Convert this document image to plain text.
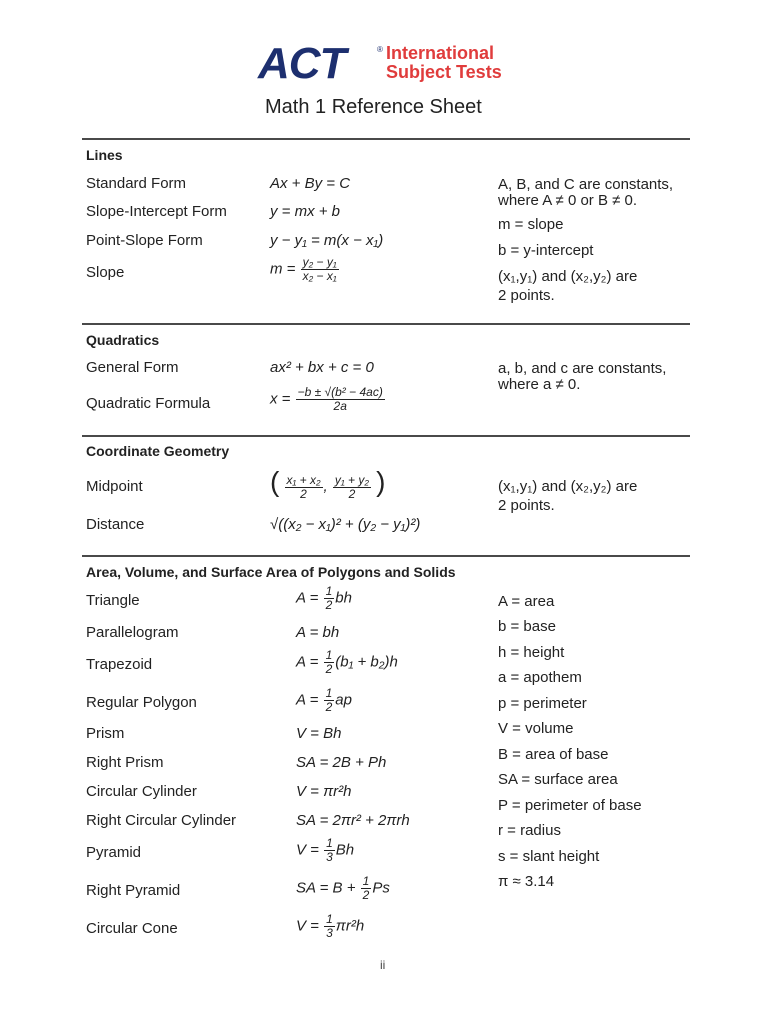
ACT	® International
Subject Tests
Math 1 Reference Sheet
Lines
Standard Form	Ax + By = C
Slope-Intercept Form	y = mx + b
Point-Slope Form	y − y₁ = m(x − x₁)
Slope	$m = \frac{\text{y₂ − y₁}}{\text{x₂ − x₁}}$
A, B, and C are constants,
where A ≠ 0 or B ≠ 0.
m = slope
b = y-intercept
(x₁,y₁) and (x₂,y₂) are
2 points.
Quadratics
General Form	ax² + bx + c = 0
Quadratic Formula	$x = \frac{\text{−b ± √(b² − 4ac)}}{2a}$
a, b, and c are constants,
where a ≠ 0.
Coordinate Geometry
Midpoint	( $\frac{\text{x₁ + x₂}}{2}$ , $\frac{\text{y₁ + y₂}}{2}$ )
Distance	√((x₂ − x₁)² + (y₂ − y₁)²)
(x₁,y₁) and (x₂,y₂) are
2 points.
Area, Volume, and Surface Area of Polygons and Solids
Triangle	$A = \frac{1}{2}$ bh
Parallelogram	A = bh
Trapezoid	$A = \frac{1}{2} (b_1 + b_2)h$
Regular Polygon	$A = \frac{1}{2}$ ap
Prism	V = Bh
Right Prism	SA = 2B + Ph
Circular Cylinder	V = πr²h
Right Circular Cylinder	SA = 2πr² + 2πrh
Pyramid	$V = \frac{1}{3}$ Bh
Right Pyramid	SA = $B + \frac{1}{2}$ Ps
Circular Cone	$V = \frac{1}{3} \pi r^2h$
A = area
b = base
h = height
a = apothem
p = perimeter
V = volume
B = area of base
SA = surface area
P = perimeter of base
r = radius
s = slant height
π ≈ 3.14
ii
